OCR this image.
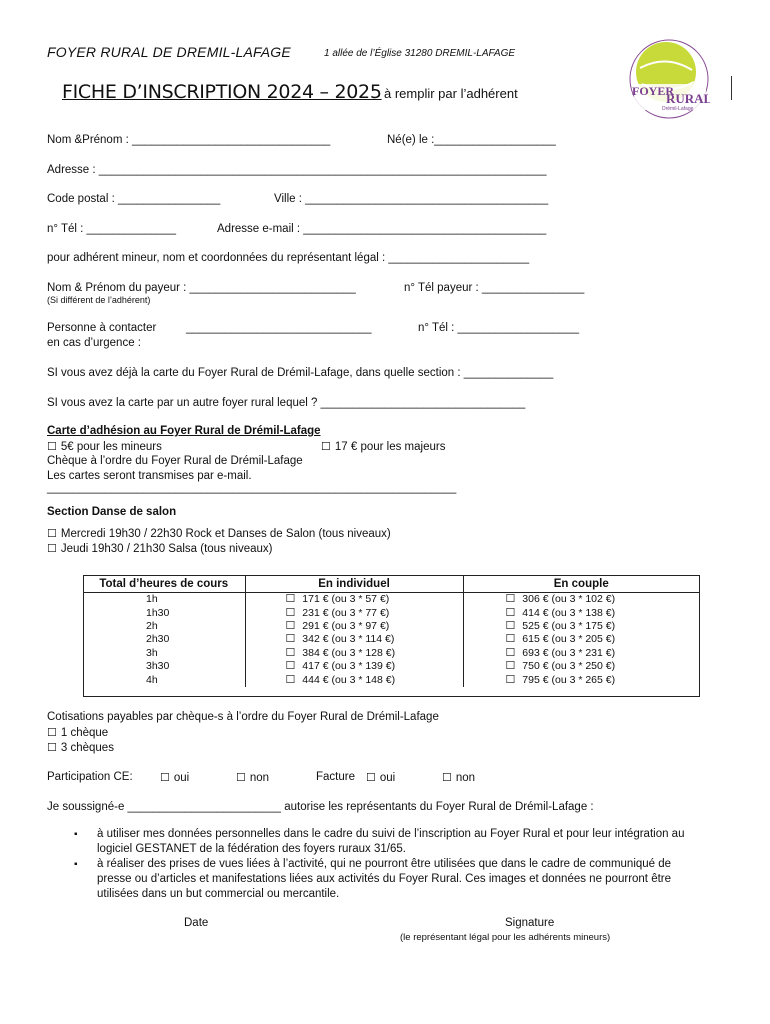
FOYER RURAL DE DREMIL-LAFAGE	1 allée de l’Église 31280 DREMIL-LAFAGE
FOYER
RURAL
Drémil-Lafage
FICHE D’INSCRIPTION 2024 – 2025 à remplir par l’adhérent
Nom &Prénom : _______________________________	Né(e) le :___________________
Adresse : ______________________________________________________________________
Code postal : ________________	Ville : ______________________________________
n° Tél : ______________	Adresse e-mail : ______________________________________
pour adhérent mineur, nom et coordonnées du représentant légal : ______________________
Nom & Prénom du payeur : __________________________	n° Tél payeur : ________________
(Si différent de l’adhérent)
Personne à contacter
en cas d’urgence :
_____________________________	n° Tél : ___________________
SI vous avez déjà la carte du Foyer Rural de Drémil-Lafage, dans quelle section : ______________
SI vous avez la carte par un autre foyer rural lequel ? ________________________________
Carte d’adhésion au Foyer Rural de Drémil-Lafage
☐ 5€ pour les mineurs	☐ 17 € pour les majeurs
Chèque à l’ordre du Foyer Rural de Drémil-Lafage
Les cartes seront transmises par e-mail.
________________________________________________________________
Section Danse de salon
☐ Mercredi 19h30 / 22h30 Rock et Danses de Salon (tous niveaux)
☐ Jeudi 19h30 / 21h30 Salsa (tous niveaux)
Total d’heures de cours	En individuel	En couple
1h	☐ 171 € (ou 3 * 57 €)	☐ 306 € (ou 3 * 102 €)
1h30	☐ 231 € (ou 3 * 77 €)	☐ 414 € (ou 3 * 138 €)
2h	☐ 291 € (ou 3 * 97 €)	☐ 525 € (ou 3 * 175 €)
2h30	☐ 342 € (ou 3 * 114 €)	☐ 615 € (ou 3 * 205 €)
3h	☐ 384 € (ou 3 * 128 €)	☐ 693 € (ou 3 * 231 €)
3h30	☐ 417 € (ou 3 * 139 €)	☐ 750 € (ou 3 * 250 €)
4h	☐ 444 € (ou 3 * 148 €)	☐ 795 € (ou 3 * 265 €)
Cotisations payables par chèque-s à l’ordre du Foyer Rural de Drémil-Lafage
☐ 1 chèque
☐ 3 chèques
Participation CE: ☐ oui	☐ non	Facture ☐ oui	☐ non
Je soussigné-e ________________________ autorise les représentants du Foyer Rural de Drémil-Lafage :
▪ à utiliser mes données personnelles dans le cadre du suivi de l’inscription au Foyer Rural et pour leur intégration au logiciel GESTANET de la fédération des foyers ruraux 31/65.
▪ à réaliser des prises de vues liées à l’activité, qui ne pourront être utilisées que dans le cadre de communiqué de presse ou d’articles et manifestations liées aux activités du Foyer Rural. Ces images et données ne pourront être utilisées dans un but commercial ou mercantile.
Date	Signature
(le représentant légal pour les adhérents mineurs)
